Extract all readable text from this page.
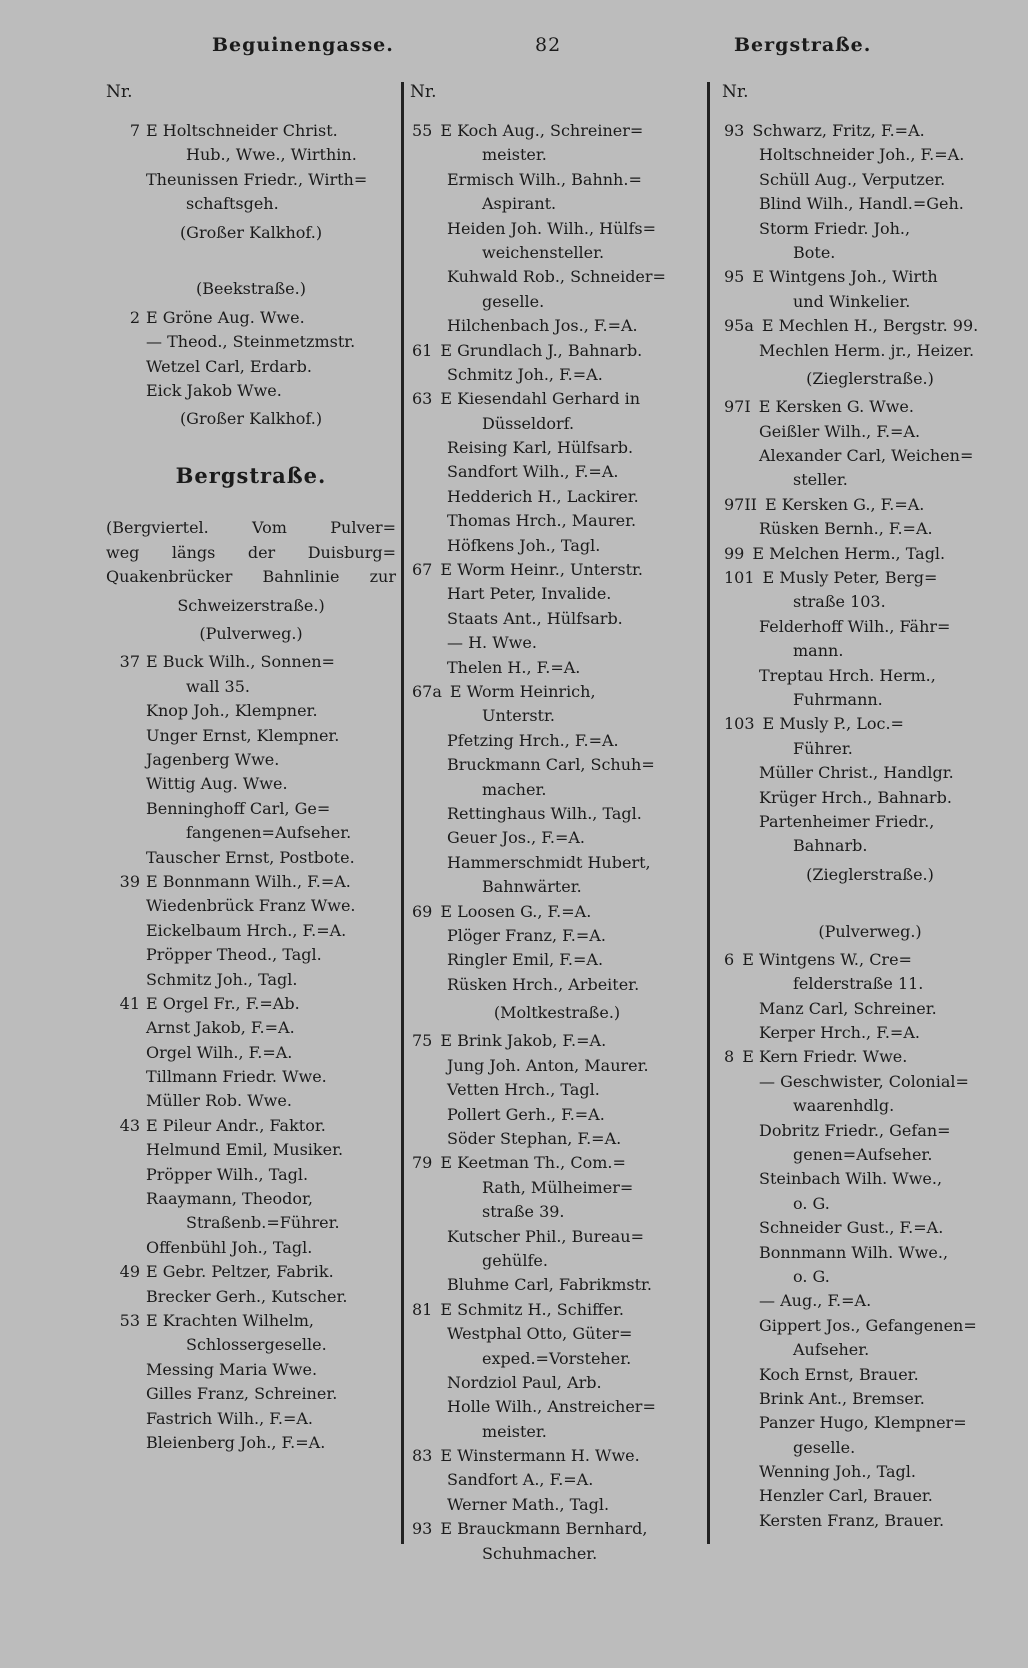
Beguinengasse.	82	Bergstraße.
Nr.	Nr.	Nr.
7 E Holtschneider Christ.
Hub., Wwe., Wirthin.
Theunissen Friedr., Wirth=
schaftsgeh.
(Großer Kalkhof.)
(Beekstraße.)
2 E Gröne Aug. Wwe.
— Theod., Steinmetzmstr.
Wetzel Carl, Erdarb.
Eick Jakob Wwe.
(Großer Kalkhof.)
Bergstraße.
(Bergviertel. Vom Pulver=
weg längs der Duisburg=
Quakenbrücker Bahnlinie zur
Schweizerstraße.)
(Pulverweg.)
37 E Buck Wilh., Sonnen=
wall 35.
Knop Joh., Klempner.
Unger Ernst, Klempner.
Jagenberg Wwe.
Wittig Aug. Wwe.
Benninghoff Carl, Ge=
fangenen=Aufseher.
Tauscher Ernst, Postbote.
39 E Bonnmann Wilh., F.=A.
Wiedenbrück Franz Wwe.
Eickelbaum Hrch., F.=A.
Pröpper Theod., Tagl.
Schmitz Joh., Tagl.
41 E Orgel Fr., F.=Ab.
Arnst Jakob, F.=A.
Orgel Wilh., F.=A.
Tillmann Friedr. Wwe.
Müller Rob. Wwe.
43 E Pileur Andr., Faktor.
Helmund Emil, Musiker.
Pröpper Wilh., Tagl.
Raaymann, Theodor,
Straßenb.=Führer.
Offenbühl Joh., Tagl.
49 E Gebr. Peltzer, Fabrik.
Brecker Gerh., Kutscher.
53 E Krachten Wilhelm,
Schlossergeselle.
Messing Maria Wwe.
Gilles Franz, Schreiner.
Fastrich Wilh., F.=A.
Bleienberg Joh., F.=A.
55 E Koch Aug., Schreiner=
meister.
Ermisch Wilh., Bahnh.=
Aspirant.
Heiden Joh. Wilh., Hülfs=
weichensteller.
Kuhwald Rob., Schneider=
geselle.
Hilchenbach Jos., F.=A.
61 E Grundlach J., Bahnarb.
Schmitz Joh., F.=A.
63 E Kiesendahl Gerhard in
Düsseldorf.
Reising Karl, Hülfsarb.
Sandfort Wilh., F.=A.
Hedderich H., Lackirer.
Thomas Hrch., Maurer.
Höfkens Joh., Tagl.
67 E Worm Heinr., Unterstr.
Hart Peter, Invalide.
Staats Ant., Hülfsarb.
— H. Wwe.
Thelen H., F.=A.
67a E Worm Heinrich,
Unterstr.
Pfetzing Hrch., F.=A.
Bruckmann Carl, Schuh=
macher.
Rettinghaus Wilh., Tagl.
Geuer Jos., F.=A.
Hammerschmidt Hubert,
Bahnwärter.
69 E Loosen G., F.=A.
Plöger Franz, F.=A.
Ringler Emil, F.=A.
Rüsken Hrch., Arbeiter.
(Moltkestraße.)
75 E Brink Jakob, F.=A.
Jung Joh. Anton, Maurer.
Vetten Hrch., Tagl.
Pollert Gerh., F.=A.
Söder Stephan, F.=A.
79 E Keetman Th., Com.=
Rath, Mülheimer=
straße 39.
Kutscher Phil., Bureau=
gehülfe.
Bluhme Carl, Fabrikmstr.
81 E Schmitz H., Schiffer.
Westphal Otto, Güter=
exped.=Vorsteher.
Nordziol Paul, Arb.
Holle Wilh., Anstreicher=
meister.
83 E Winstermann H. Wwe.
Sandfort A., F.=A.
Werner Math., Tagl.
93 E Brauckmann Bernhard,
Schuhmacher.
93 Schwarz, Fritz, F.=A.
Holtschneider Joh., F.=A.
Schüll Aug., Verputzer.
Blind Wilh., Handl.=Geh.
Storm Friedr. Joh.,
Bote.
95 E Wintgens Joh., Wirth
und Winkelier.
95a E Mechlen H., Bergstr. 99.
Mechlen Herm. jr., Heizer.
(Zieglerstraße.)
97I E Kersken G. Wwe.
Geißler Wilh., F.=A.
Alexander Carl, Weichen=
steller.
97II E Kersken G., F.=A.
Rüsken Bernh., F.=A.
99 E Melchen Herm., Tagl.
101 E Musly Peter, Berg=
straße 103.
Felderhoff Wilh., Fähr=
mann.
Treptau Hrch. Herm.,
Fuhrmann.
103 E Musly P., Loc.=
Führer.
Müller Christ., Handlgr.
Krüger Hrch., Bahnarb.
Partenheimer Friedr.,
Bahnarb.
(Zieglerstraße.)
(Pulverweg.)
6 E Wintgens W., Cre=
felderstraße 11.
Manz Carl, Schreiner.
Kerper Hrch., F.=A.
8 E Kern Friedr. Wwe.
— Geschwister, Colonial=
waarenhdlg.
Dobritz Friedr., Gefan=
genen=Aufseher.
Steinbach Wilh. Wwe.,
o. G.
Schneider Gust., F.=A.
Bonnmann Wilh. Wwe.,
o. G.
— Aug., F.=A.
Gippert Jos., Gefangenen=
Aufseher.
Koch Ernst, Brauer.
Brink Ant., Bremser.
Panzer Hugo, Klempner=
geselle.
Wenning Joh., Tagl.
Henzler Carl, Brauer.
Kersten Franz, Brauer.
